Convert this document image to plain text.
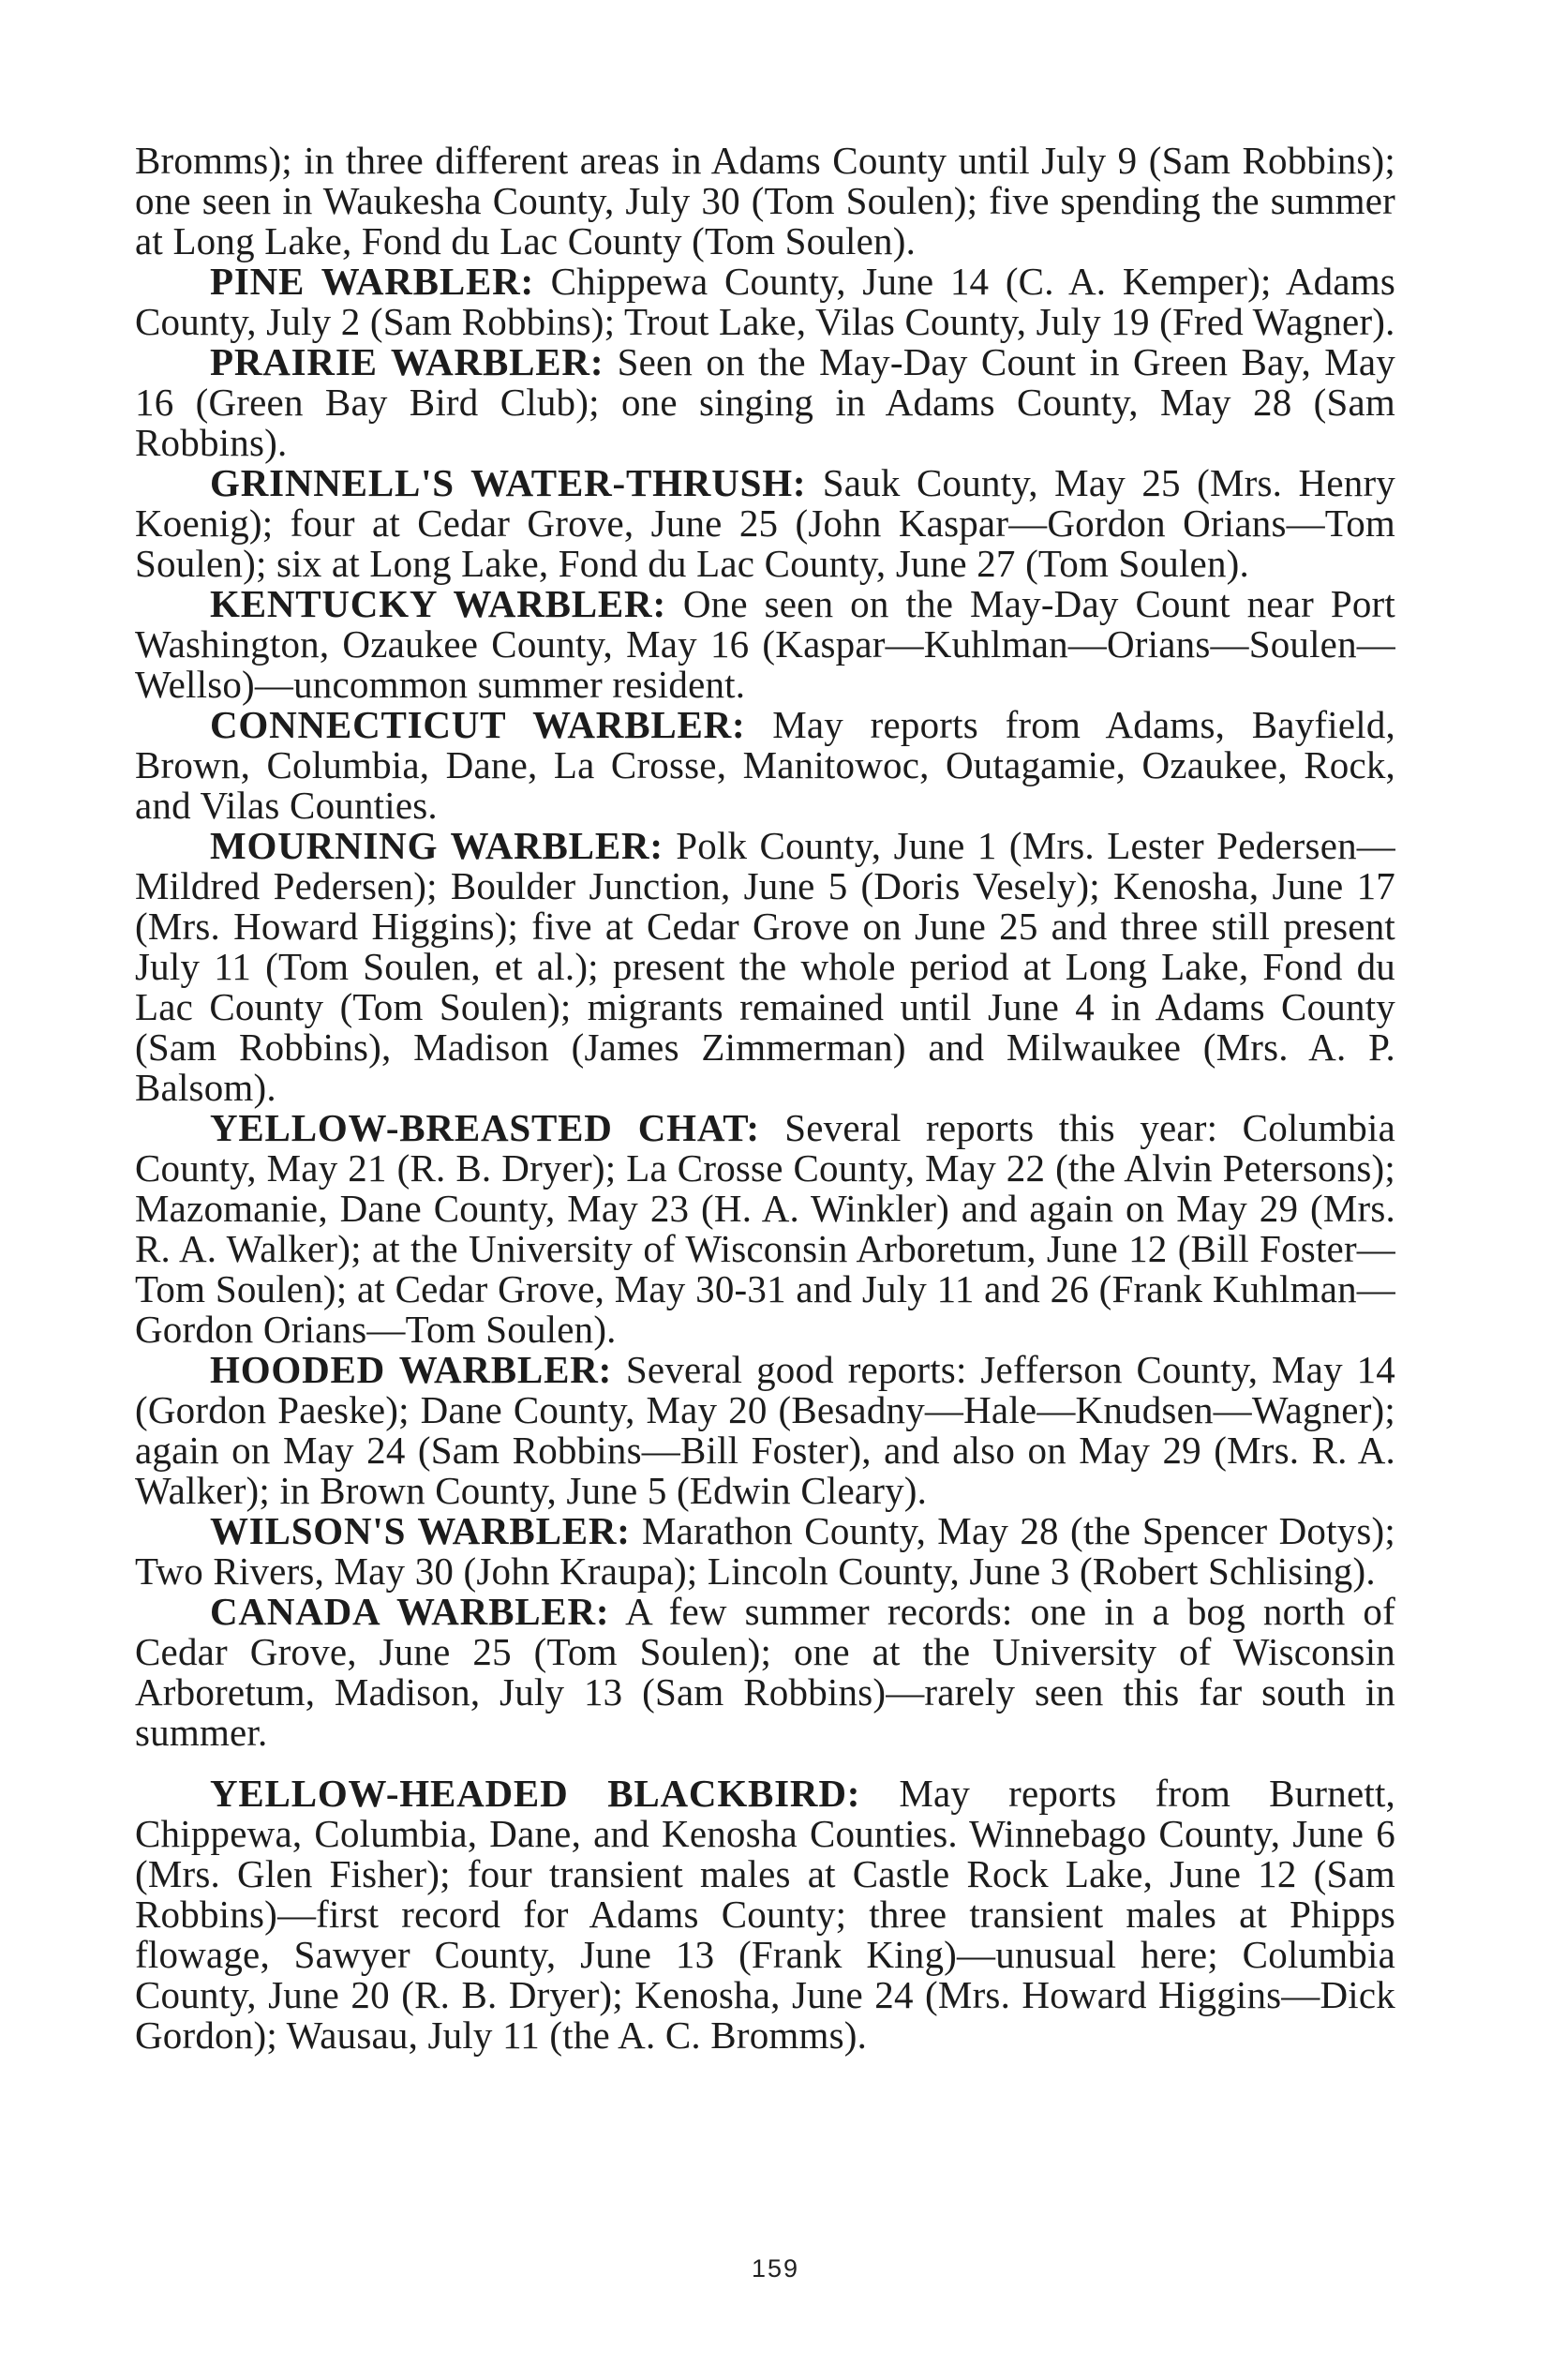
Bromms); in three different areas in Adams County until July 9 (Sam Robbins); one seen in Waukesha County, July 30 (Tom Soulen); five spending the summer at Long Lake, Fond du Lac County (Tom Soulen).

PINE WARBLER: Chippewa County, June 14 (C. A. Kemper); Adams County, July 2 (Sam Robbins); Trout Lake, Vilas County, July 19 (Fred Wagner).

PRAIRIE WARBLER: Seen on the May-Day Count in Green Bay, May 16 (Green Bay Bird Club); one singing in Adams County, May 28 (Sam Robbins).

GRINNELL'S WATER-THRUSH: Sauk County, May 25 (Mrs. Henry Koenig); four at Cedar Grove, June 25 (John Kaspar—Gordon Orians—Tom Soulen); six at Long Lake, Fond du Lac County, June 27 (Tom Soulen).

KENTUCKY WARBLER: One seen on the May-Day Count near Port Washington, Ozaukee County, May 16 (Kaspar—Kuhlman—Orians—Soulen—Wellso)—uncommon summer resident.

CONNECTICUT WARBLER: May reports from Adams, Bayfield, Brown, Columbia, Dane, La Crosse, Manitowoc, Outagamie, Ozaukee, Rock, and Vilas Counties.

MOURNING WARBLER: Polk County, June 1 (Mrs. Lester Pedersen—Mildred Pedersen); Boulder Junction, June 5 (Doris Vesely); Kenosha, June 17 (Mrs. Howard Higgins); five at Cedar Grove on June 25 and three still present July 11 (Tom Soulen, et al.); present the whole period at Long Lake, Fond du Lac County (Tom Soulen); migrants remained until June 4 in Adams County (Sam Robbins), Madison (James Zimmerman) and Milwaukee (Mrs. A. P. Balsom).

YELLOW-BREASTED CHAT: Several reports this year: Columbia County, May 21 (R. B. Dryer); La Crosse County, May 22 (the Alvin Petersons); Mazomanie, Dane County, May 23 (H. A. Winkler) and again on May 29 (Mrs. R. A. Walker); at the University of Wisconsin Arboretum, June 12 (Bill Foster—Tom Soulen); at Cedar Grove, May 30-31 and July 11 and 26 (Frank Kuhlman—Gordon Orians—Tom Soulen).

HOODED WARBLER: Several good reports: Jefferson County, May 14 (Gordon Paeske); Dane County, May 20 (Besadny—Hale—Knudsen—Wagner); again on May 24 (Sam Robbins—Bill Foster), and also on May 29 (Mrs. R. A. Walker); in Brown County, June 5 (Edwin Cleary).

WILSON'S WARBLER: Marathon County, May 28 (the Spencer Dotys); Two Rivers, May 30 (John Kraupa); Lincoln County, June 3 (Robert Schlising).

CANADA WARBLER: A few summer records: one in a bog north of Cedar Grove, June 25 (Tom Soulen); one at the University of Wisconsin Arboretum, Madison, July 13 (Sam Robbins)—rarely seen this far south in summer.

YELLOW-HEADED BLACKBIRD: May reports from Burnett, Chippewa, Columbia, Dane, and Kenosha Counties. Winnebago County, June 6 (Mrs. Glen Fisher); four transient males at Castle Rock Lake, June 12 (Sam Robbins)—first record for Adams County; three transient males at Phipps flowage, Sawyer County, June 13 (Frank King)—unusual here; Columbia County, June 20 (R. B. Dryer); Kenosha, June 24 (Mrs. Howard Higgins—Dick Gordon); Wausau, July 11 (the A. C. Bromms).

159
